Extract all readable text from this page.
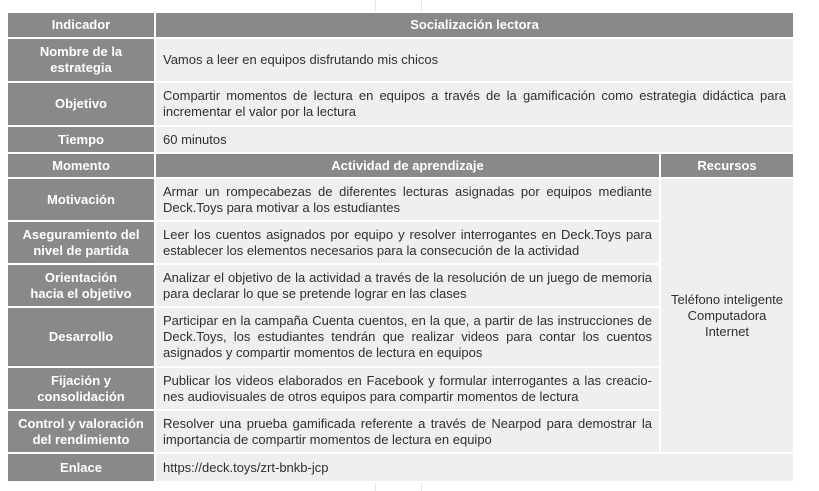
Indicador	Socialización lectora	
Nombre de la
estrategia	Vamos a leer en equipos disfrutando mis chicos	
Objetivo	Compartir momentos de lectura en equipos a través de la gamificación como estrategia didáctica para incrementar el valor por la lectura	
Tiempo	60 minutos	
Momento	Actividad de aprendizaje	Recursos
Motivación	Armar un rompecabezas de diferentes lecturas asignadas por equipos mediante Deck.Toys para motivar a los estudiantes	Teléfono inteligente
Computadora
Internet

Aseguramiento del
nivel de partida	Leer los cuentos asignados por equipo y resolver interrogantes en Deck.Toys para establecer los elementos necesarios para la consecución de la actividad	
Orientación
hacia el objetivo	Analizar el objetivo de la actividad a través de la resolución de un juego de memoria para declarar lo que se pretende lograr en las clases	
Desarrollo	Participar en la campaña Cuenta cuentos, en la que, a partir de las instrucciones de Deck.Toys, los estudiantes tendrán que realizar videos para contar los cuentos asignados y compartir momentos de lectura en equipos	
Fijación y
consolidación	Publicar los videos elaborados en Facebook y formular interrogantes a las creacio-nes audiovisuales de otros equipos para compartir momentos de lectura	
Control y valoración
del rendimiento	Resolver una prueba gamificada referente a través de Nearpod para demostrar la importancia de compartir momentos de lectura en equipo	
Enlace	https://deck.toys/zrt-bnkb-jcp	
